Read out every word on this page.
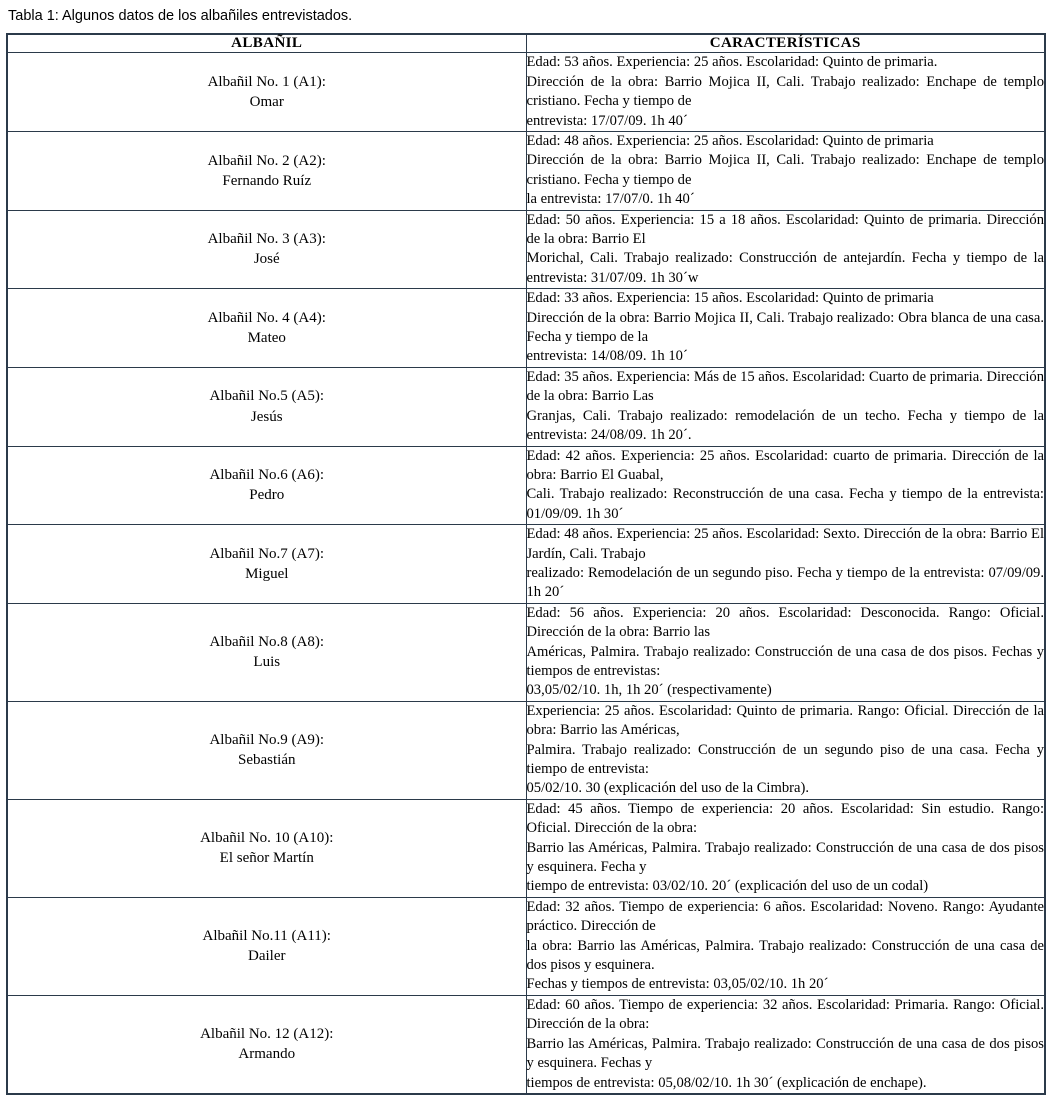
Tabla 1: Algunos datos de los albañiles entrevistados.
ALBAÑIL	CARACTERÍSTICAS

Albañil No. 1 (A1):
Omar	Edad: 53 años. Experiencia: 25 años. Escolaridad: Quinto de primaria.
Dirección de la obra: Barrio Mojica II, Cali. Trabajo realizado: Enchape de templo cristiano. Fecha y tiempo de
entrevista: 17/07/09. 1h 40´

Albañil No. 2 (A2):
Fernando Ruíz	Edad: 48 años. Experiencia: 25 años. Escolaridad: Quinto de primaria
Dirección de la obra: Barrio Mojica II, Cali. Trabajo realizado: Enchape de templo cristiano. Fecha y tiempo de
la entrevista: 17/07/0. 1h 40´

Albañil No. 3 (A3):
José	Edad: 50 años. Experiencia: 15 a 18 años. Escolaridad: Quinto de primaria. Dirección de la obra: Barrio El
Morichal, Cali. Trabajo realizado: Construcción de antejardín. Fecha y tiempo de la entrevista: 31/07/09. 1h 30´w

Albañil No. 4 (A4):
Mateo	Edad: 33 años. Experiencia: 15 años. Escolaridad: Quinto de primaria
Dirección de la obra: Barrio Mojica II, Cali. Trabajo realizado: Obra blanca de una casa. Fecha y tiempo de la
entrevista: 14/08/09. 1h 10´

Albañil No.5 (A5):
Jesús	Edad: 35 años. Experiencia: Más de 15 años. Escolaridad: Cuarto de primaria. Dirección de la obra: Barrio Las
Granjas, Cali. Trabajo realizado: remodelación de un techo. Fecha y tiempo de la entrevista: 24/08/09. 1h 20´.

Albañil No.6 (A6):
Pedro	Edad: 42 años. Experiencia: 25 años. Escolaridad: cuarto de primaria. Dirección de la obra: Barrio El Guabal,
Cali. Trabajo realizado: Reconstrucción de una casa. Fecha y tiempo de la entrevista: 01/09/09. 1h 30´

Albañil No.7 (A7):
Miguel	Edad: 48 años. Experiencia: 25 años. Escolaridad: Sexto. Dirección de la obra: Barrio El Jardín, Cali. Trabajo
realizado: Remodelación de un segundo piso. Fecha y tiempo de la entrevista: 07/09/09. 1h 20´

Albañil No.8 (A8):
Luis	Edad: 56 años. Experiencia: 20 años. Escolaridad: Desconocida. Rango: Oficial. Dirección de la obra: Barrio las
Américas, Palmira. Trabajo realizado: Construcción de una casa de dos pisos. Fechas y tiempos de entrevistas:
03,05/02/10. 1h, 1h 20´ (respectivamente)

Albañil No.9 (A9):
Sebastián	Experiencia: 25 años. Escolaridad: Quinto de primaria. Rango: Oficial. Dirección de la obra: Barrio las Américas,
Palmira. Trabajo realizado: Construcción de un segundo piso de una casa. Fecha y tiempo de entrevista:
05/02/10. 30 (explicación del uso de la Cimbra).

Albañil No. 10 (A10):
El señor Martín	Edad: 45 años. Tiempo de experiencia: 20 años. Escolaridad: Sin estudio. Rango: Oficial. Dirección de la obra:
Barrio las Américas, Palmira. Trabajo realizado: Construcción de una casa de dos pisos y esquinera. Fecha y
tiempo de entrevista: 03/02/10. 20´ (explicación del uso de un codal)

Albañil No.11 (A11):
Dailer	Edad: 32 años. Tiempo de experiencia: 6 años. Escolaridad: Noveno. Rango: Ayudante práctico. Dirección de
la obra: Barrio las Américas, Palmira. Trabajo realizado: Construcción de una casa de dos pisos y esquinera.
Fechas y tiempos de entrevista: 03,05/02/10. 1h 20´

Albañil No. 12 (A12):
Armando	Edad: 60 años. Tiempo de experiencia: 32 años. Escolaridad: Primaria. Rango: Oficial. Dirección de la obra:
Barrio las Américas, Palmira. Trabajo realizado: Construcción de una casa de dos pisos y esquinera. Fechas y
tiempos de entrevista: 05,08/02/10. 1h 30´ (explicación de enchape).
